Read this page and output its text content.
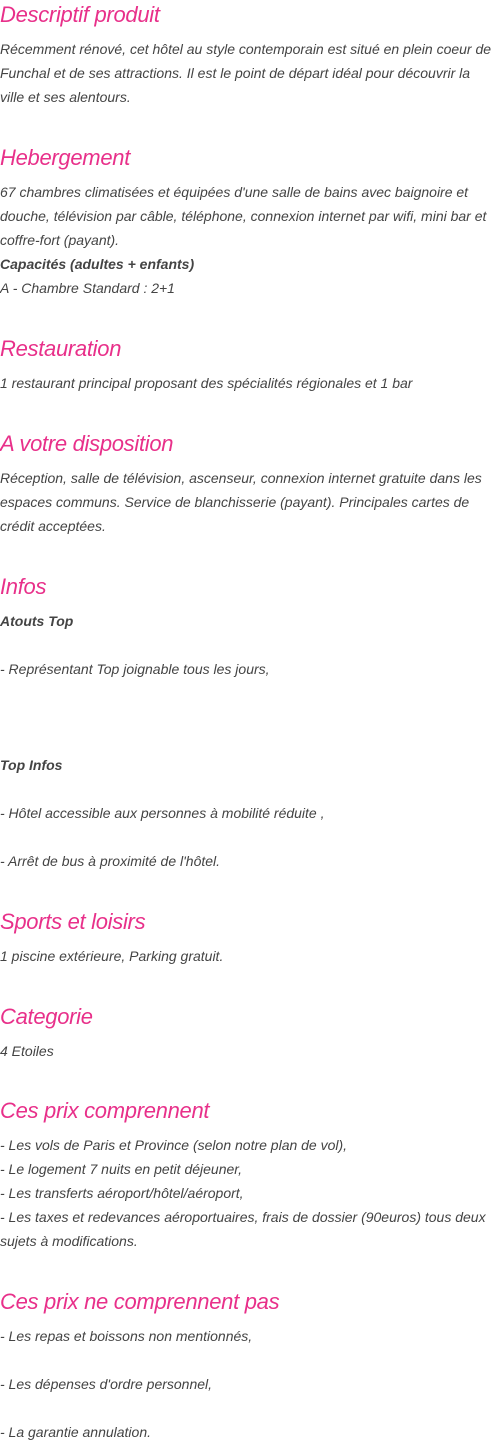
Descriptif produit

Récemment rénové, cet hôtel au style contemporain est situé en plein coeur de Funchal et de ses attractions. Il est le point de départ idéal pour découvrir la ville et ses alentours.

Hebergement

67 chambres climatisées et équipées d'une salle de bains avec baignoire et douche, télévision par câble, téléphone, connexion internet par wifi, mini bar et coffre-fort (payant).

Capacités (adultes + enfants)
A - Chambre Standard : 2+1
Restauration
1 restaurant principal proposant des spécialités régionales et 1 bar
A votre disposition

Réception, salle de télévision, ascenseur, connexion internet gratuite dans les espaces communs. Service de blanchisserie (payant). Principales cartes de crédit acceptées.

Infos
Atouts Top
- Représentant Top joignable tous les jours,
Top Infos
- Hôtel accessible aux personnes à mobilité réduite ,
- Arrêt de bus à proximité de l'hôtel.
Sports et loisirs
1 piscine extérieure, Parking gratuit.
Categorie
4 Etoiles
Ces prix comprennent
- Les vols de Paris et Province (selon notre plan de vol),
- Le logement 7 nuits en petit déjeuner,
- Les transferts aéroport/hôtel/aéroport,

- Les taxes et redevances aéroportuaires, frais de dossier (90euros) tous deux sujets à modifications.

Ces prix ne comprennent pas
- Les repas et boissons non mentionnés,
- Les dépenses d'ordre personnel,
- La garantie annulation.
